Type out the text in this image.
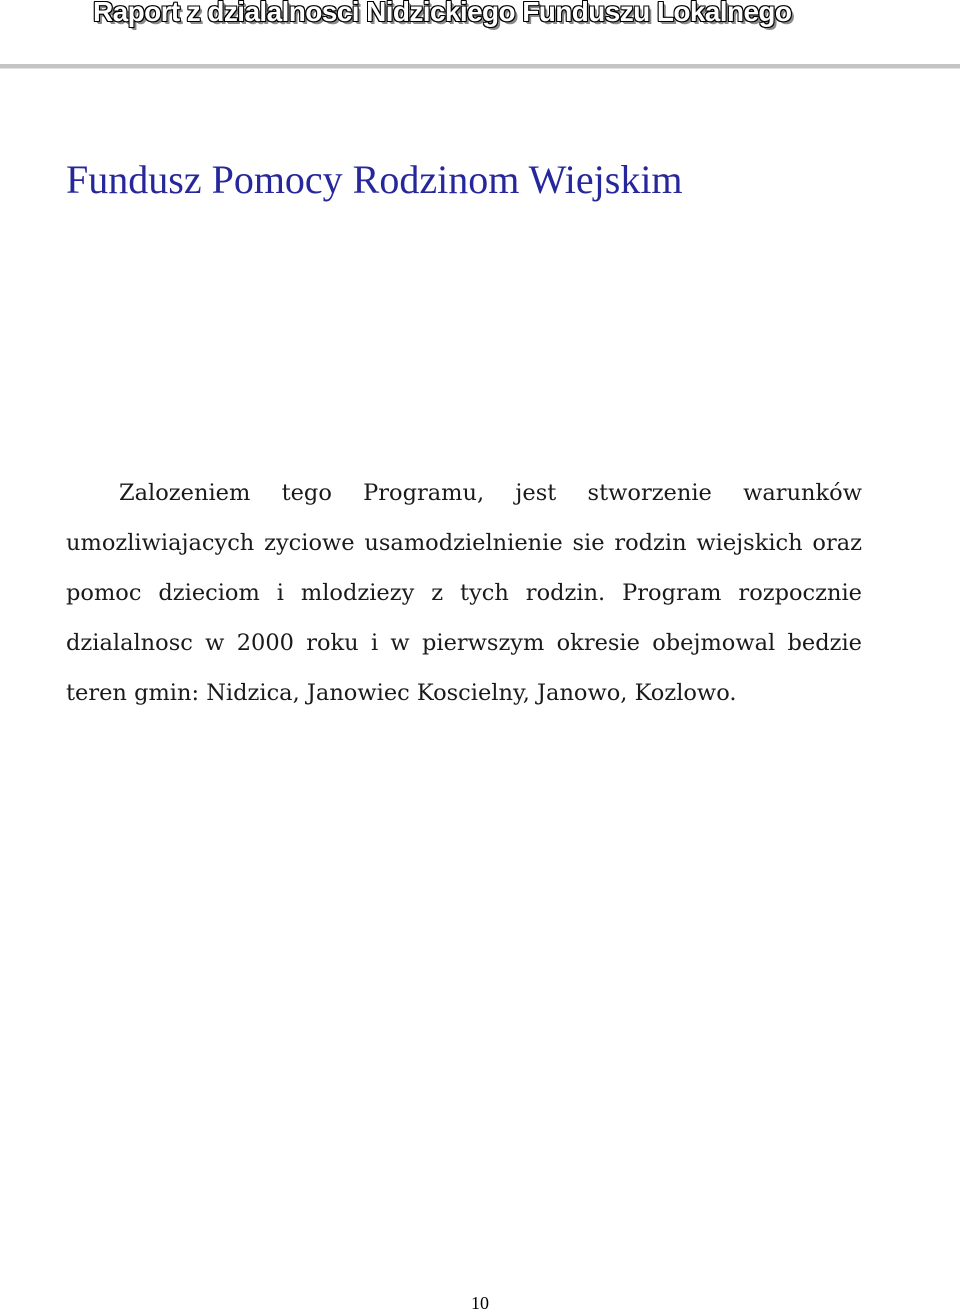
Raport z dzialalnosci Nidzickiego Funduszu Lokalnego
Fundusz Pomocy Rodzinom Wiejskim

Zalozeniem tego Programu, jest stworzenie warunków
umozliwiajacych zyciowe usamodzielnienie sie rodzin wiejskich oraz
pomoc dzieciom i mlodziezy z tych rodzin. Program rozpocznie
dzialalnosc w 2000 roku i w pierwszym okresie obejmowal bedzie
teren gmin: Nidzica, Janowiec Koscielny, Janowo, Kozlowo.

10
